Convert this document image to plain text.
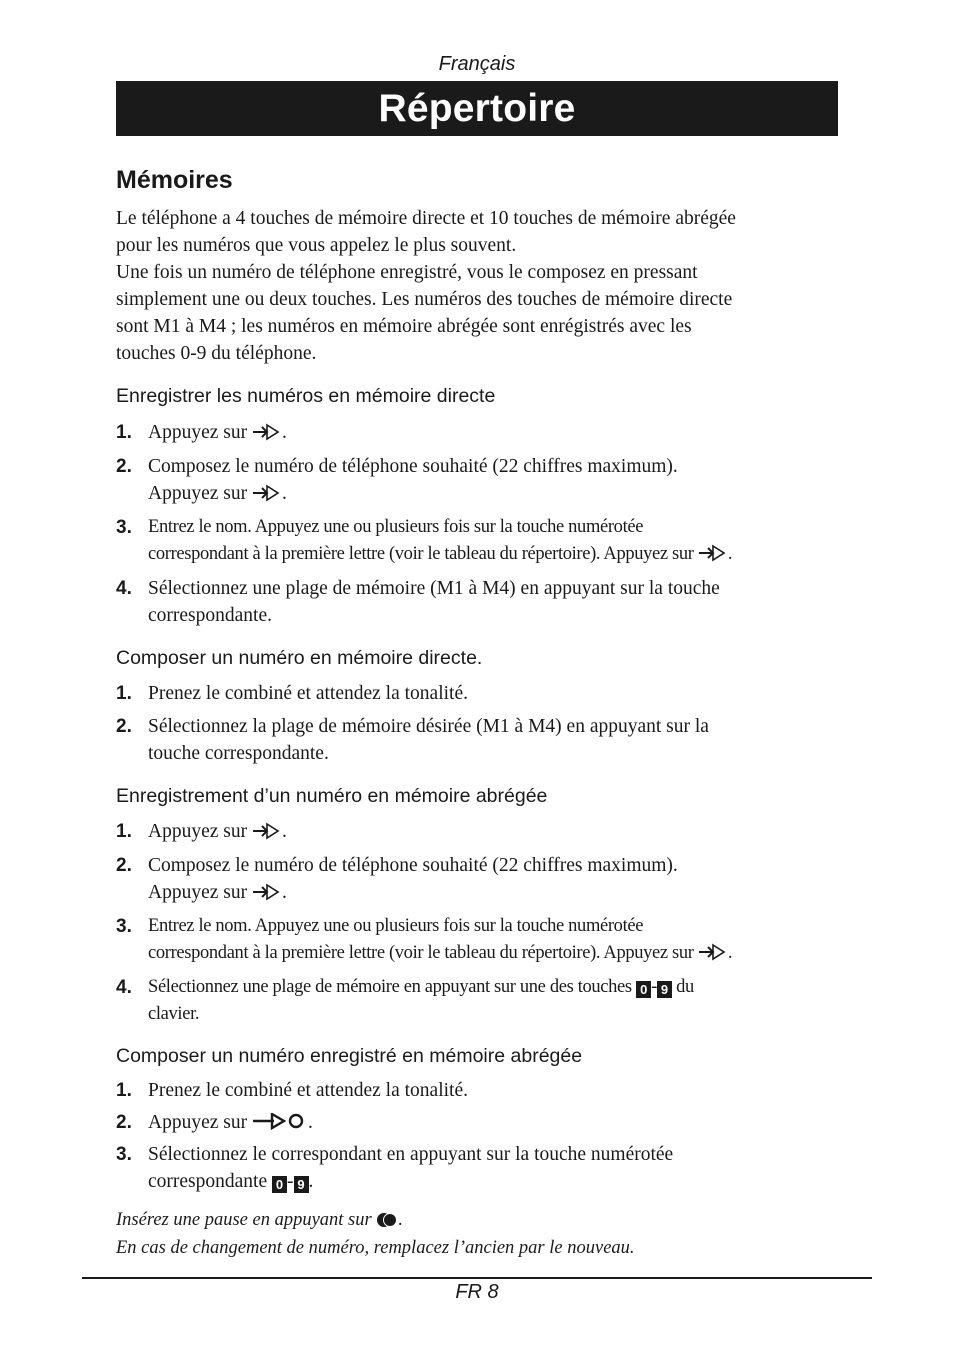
Français
Répertoire
Mémoires

Le téléphone a 4 touches de mémoire directe et 10 touches de mémoire abrégée
pour les numéros que vous appelez le plus souvent.
Une fois un numéro de téléphone enregistré, vous le composez en pressant
simplement une ou deux touches. Les numéros des touches de mémoire directe
sont M1 à M4 ; les numéros en mémoire abrégée sont enrégistrés avec les
touches 0-9 du téléphone.

Enregistrer les numéros en mémoire directe
1. Appuyez sur .
2. Composez le numéro de téléphone souhaité (22 chiffres maximum).
Appuyez sur .
3. Entrez le nom. Appuyez une ou plusieurs fois sur la touche numérotée
correspondant à la première lettre (voir le tableau du répertoire). Appuyez sur .
4. Sélectionnez une plage de mémoire (M1 à M4) en appuyant sur la touche
correspondante.
Composer un numéro en mémoire directe.
1. Prenez le combiné et attendez la tonalité.
2. Sélectionnez la plage de mémoire désirée (M1 à M4) en appuyant sur la
touche correspondante.
Enregistrement d’un numéro en mémoire abrégée
1. Appuyez sur .
2. Composez le numéro de téléphone souhaité (22 chiffres maximum).
Appuyez sur .
3. Entrez le nom. Appuyez une ou plusieurs fois sur la touche numérotée
correspondant à la première lettre (voir le tableau du répertoire). Appuyez sur .
4. Sélectionnez une plage de mémoire en appuyant sur une des touches 0 - 9 du
clavier.
Composer un numéro enregistré en mémoire abrégée
1. Prenez le combiné et attendez la tonalité.
2. Appuyez sur	.
3. Sélectionnez le correspondant en appuyant sur la touche numérotée
correspondante 0 - 9 .

Insérez une pause en appuyant sur .
En cas de changement de numéro, remplacez l’ancien par le nouveau.

FR 8
